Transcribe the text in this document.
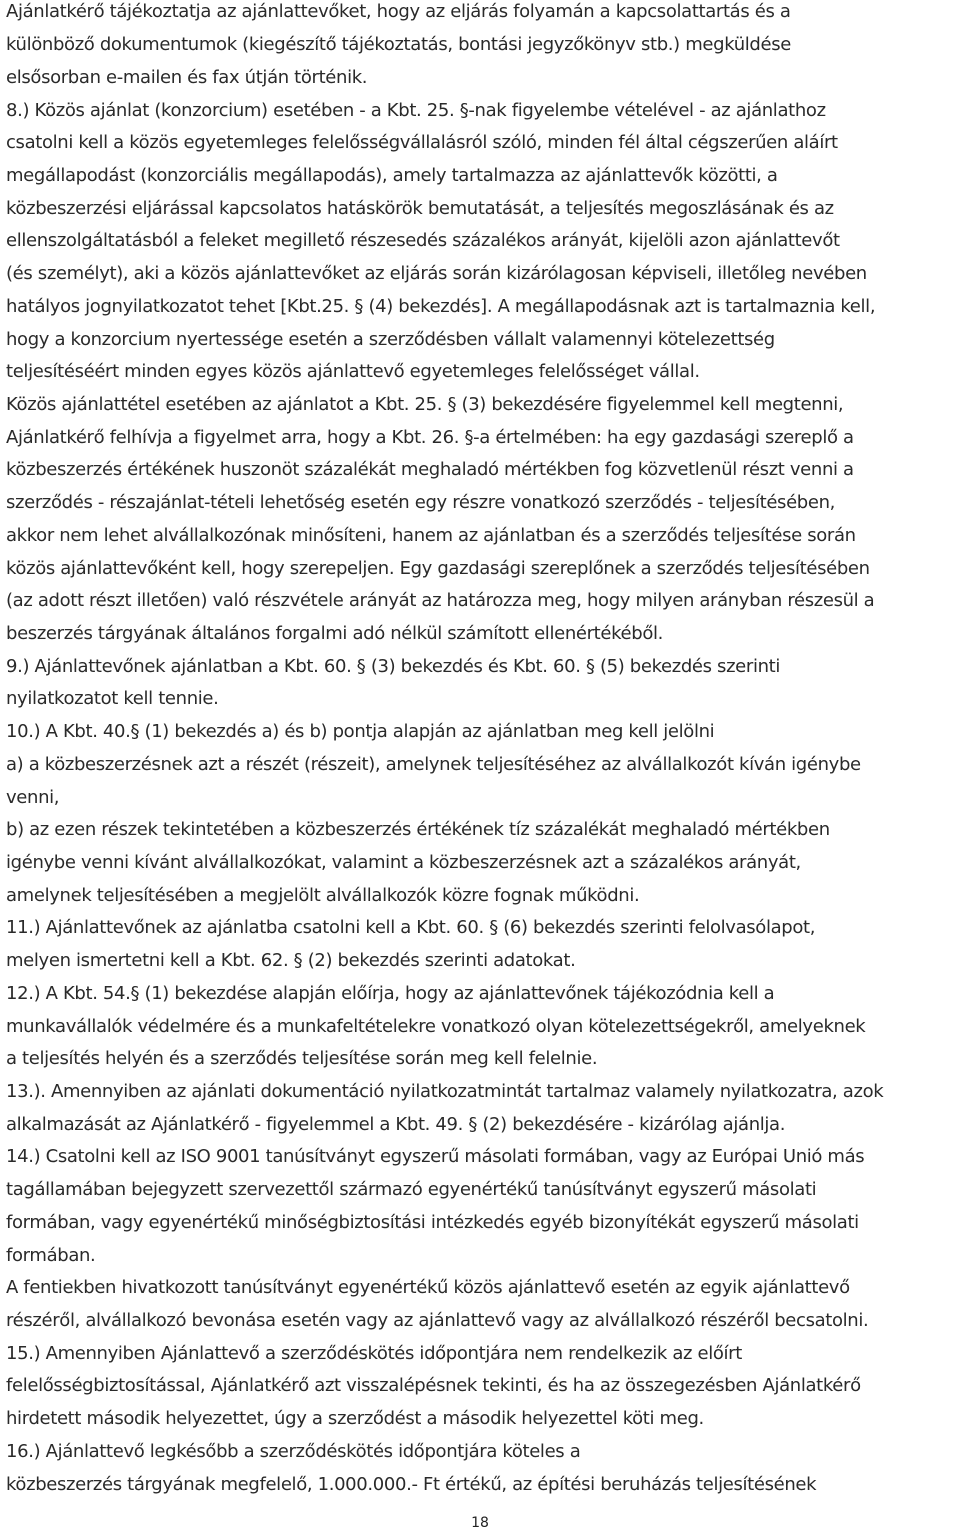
Ajánlatkérő tájékoztatja az ajánlattevőket, hogy az eljárás folyamán a kapcsolattartás és a
különböző dokumentumok (kiegészítő tájékoztatás, bontási jegyzőkönyv stb.) megküldése
elsősorban e-mailen és fax útján történik.
8.) Közös ajánlat (konzorcium) esetében - a Kbt. 25. §-nak figyelembe vételével - az ajánlathoz
csatolni kell a közös egyetemleges felelősségvállalásról szóló, minden fél által cégszerűen aláírt
megállapodást (konzorciális megállapodás), amely tartalmazza az ajánlattevők közötti, a
közbeszerzési eljárással kapcsolatos hatáskörök bemutatását, a teljesítés megoszlásának és az
ellenszolgáltatásból a feleket megillető részesedés százalékos arányát, kijelöli azon ajánlattevőt
(és személyt), aki a közös ajánlattevőket az eljárás során kizárólagosan képviseli, illetőleg nevében
hatályos jognyilatkozatot tehet [Kbt.25. § (4) bekezdés]. A megállapodásnak azt is tartalmaznia kell,
hogy a konzorcium nyertessége esetén a szerződésben vállalt valamennyi kötelezettség
teljesítéséért minden egyes közös ajánlattevő egyetemleges felelősséget vállal.
Közös ajánlattétel esetében az ajánlatot a Kbt. 25. § (3) bekezdésére figyelemmel kell megtenni,
Ajánlatkérő felhívja a figyelmet arra, hogy a Kbt. 26. §-a értelmében: ha egy gazdasági szereplő a
közbeszerzés értékének huszonöt százalékát meghaladó mértékben fog közvetlenül részt venni a
szerződés - részajánlat-tételi lehetőség esetén egy részre vonatkozó szerződés - teljesítésében,
akkor nem lehet alvállalkozónak minősíteni, hanem az ajánlatban és a szerződés teljesítése során
közös ajánlattevőként kell, hogy szerepeljen. Egy gazdasági szereplőnek a szerződés teljesítésében
(az adott részt illetően) való részvétele arányát az határozza meg, hogy milyen arányban részesül a
beszerzés tárgyának általános forgalmi adó nélkül számított ellenértékéből.
9.) Ajánlattevőnek ajánlatban a Kbt. 60. § (3) bekezdés és Kbt. 60. § (5) bekezdés szerinti
nyilatkozatot kell tennie.
10.) A Kbt. 40.§ (1) bekezdés a) és b) pontja alapján az ajánlatban meg kell jelölni
a) a közbeszerzésnek azt a részét (részeit), amelynek teljesítéséhez az alvállalkozót kíván igénybe
venni,
b) az ezen részek tekintetében a közbeszerzés értékének tíz százalékát meghaladó mértékben
igénybe venni kívánt alvállalkozókat, valamint a közbeszerzésnek azt a százalékos arányát,
amelynek teljesítésében a megjelölt alvállalkozók közre fognak működni.
11.) Ajánlattevőnek az ajánlatba csatolni kell a Kbt. 60. § (6) bekezdés szerinti felolvasólapot,
melyen ismertetni kell a Kbt. 62. § (2) bekezdés szerinti adatokat.
12.) A Kbt. 54.§ (1) bekezdése alapján előírja, hogy az ajánlattevőnek tájékozódnia kell a
munkavállalók védelmére és a munkafeltételekre vonatkozó olyan kötelezettségekről, amelyeknek
a teljesítés helyén és a szerződés teljesítése során meg kell felelnie.
13.). Amennyiben az ajánlati dokumentáció nyilatkozatmintát tartalmaz valamely nyilatkozatra, azok
alkalmazását az Ajánlatkérő - figyelemmel a Kbt. 49. § (2) bekezdésére - kizárólag ajánlja.
14.) Csatolni kell az ISO 9001 tanúsítványt egyszerű másolati formában, vagy az Európai Unió más
tagállamában bejegyzett szervezettől származó egyenértékű tanúsítványt egyszerű másolati
formában, vagy egyenértékű minőségbiztosítási intézkedés egyéb bizonyítékát egyszerű másolati
formában.
A fentiekben hivatkozott tanúsítványt egyenértékű közös ajánlattevő esetén az egyik ajánlattevő
részéről, alvállalkozó bevonása esetén vagy az ajánlattevő vagy az alvállalkozó részéről becsatolni.
15.) Amennyiben Ajánlattevő a szerződéskötés időpontjára nem rendelkezik az előírt
felelősségbiztosítással, Ajánlatkérő azt visszalépésnek tekinti, és ha az összegezésben Ajánlatkérő
hirdetett második helyezettet, úgy a szerződést a második helyezettel köti meg.
16.) Ajánlattevő legkésőbb a szerződéskötés időpontjára köteles a
közbeszerzés tárgyának megfelelő, 1.000.000.- Ft értékű, az építési beruházás teljesítésének
18
